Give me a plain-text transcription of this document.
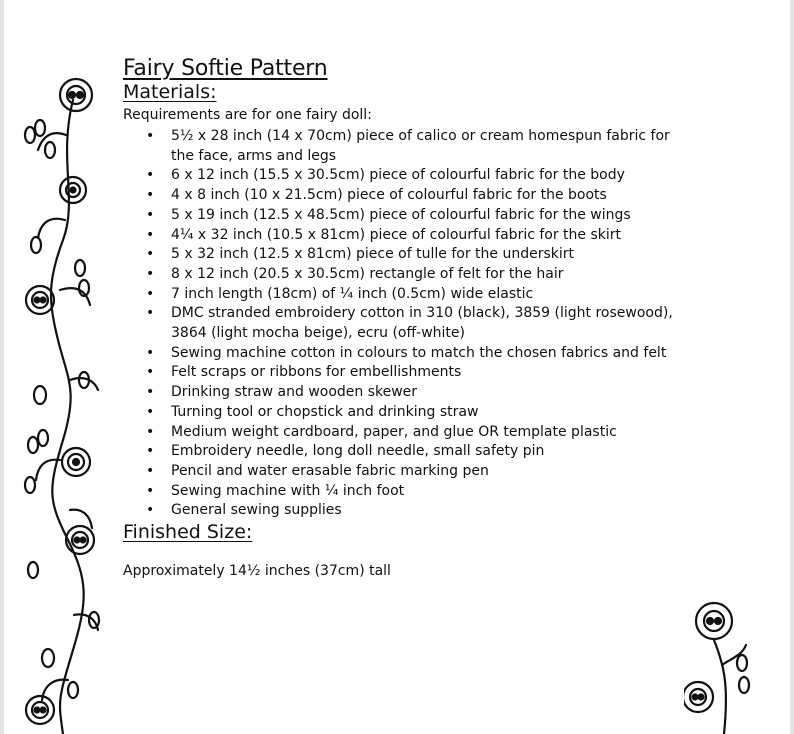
Fairy Softie Pattern
Materials:
Requirements are for one fairy doll:
• 5½ x 28 inch (14 x 70cm) piece of calico or cream homespun fabric for the face, arms and legs
• 6 x 12 inch (15.5 x 30.5cm) piece of colourful fabric for the body
• 4 x 8 inch (10 x 21.5cm) piece of colourful fabric for the boots
• 5 x 19 inch (12.5 x 48.5cm) piece of colourful fabric for the wings
• 4¼ x 32 inch (10.5 x 81cm) piece of colourful fabric for the skirt
• 5 x 32 inch (12.5 x 81cm) piece of tulle for the underskirt
• 8 x 12 inch (20.5 x 30.5cm) rectangle of felt for the hair
• 7 inch length (18cm) of ¼ inch (0.5cm) wide elastic
• DMC stranded embroidery cotton in 310 (black), 3859 (light rosewood), 3864 (light mocha beige), ecru (off-white)
• Sewing machine cotton in colours to match the chosen fabrics and felt
• Felt scraps or ribbons for embellishments
• Drinking straw and wooden skewer
• Turning tool or chopstick and drinking straw
• Medium weight cardboard, paper, and glue OR template plastic
• Embroidery needle, long doll needle, small safety pin
• Pencil and water erasable fabric marking pen
• Sewing machine with ¼ inch foot
• General sewing supplies
Finished Size:
Approximately 14½ inches (37cm) tall
